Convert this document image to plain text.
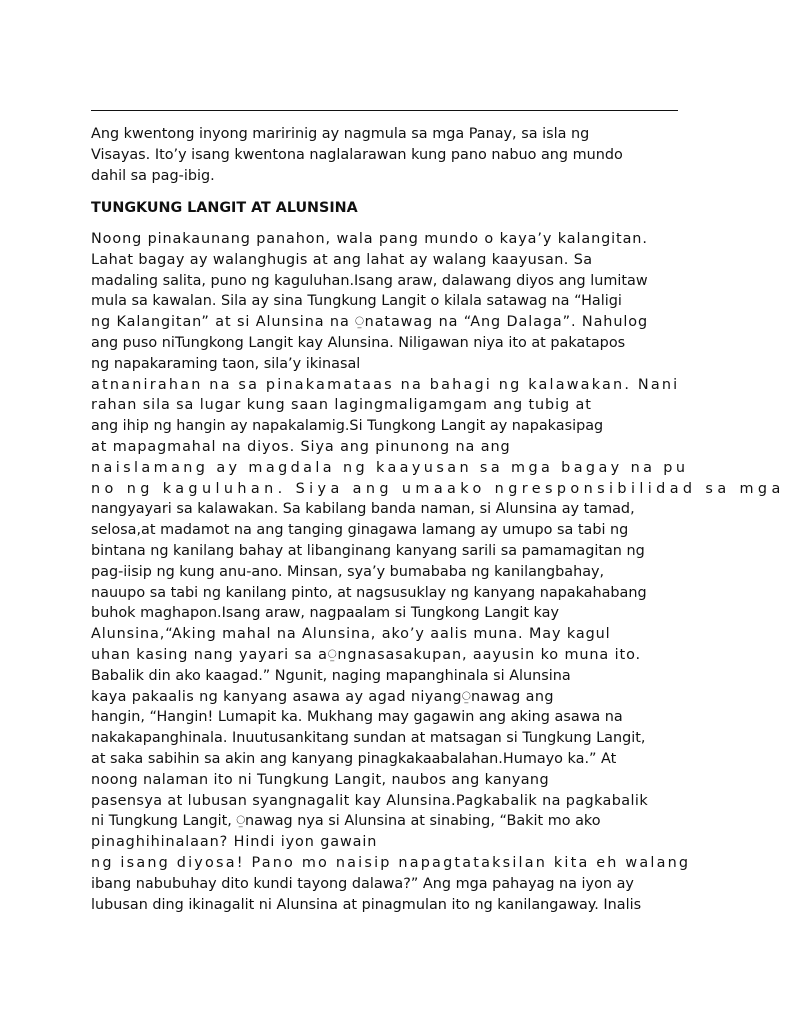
Ang kwentong inyong maririnig ay nagmula sa mga Panay, sa isla ng
Visayas. Ito’y isang kwentona naglalarawan kung pano nabuo ang mundo
dahil sa pag-ibig.
TUNGKUNG LANGIT AT ALUNSINA
Noong pinakaunang panahon, wala pang mundo o kaya’y kalangitan.
Lahat bagay ay walanghugis at ang lahat ay walang kaayusan. Sa
madaling salita, puno ng kaguluhan.Isang araw, dalawang diyos ang lumitaw
mula sa kawalan. Sila ay sina Tungkung Langit o kilala satawag na “Haligi
ng Kalangitan” at si Alunsina na ⍜natawag na “Ang Dalaga”. Nahulog
ang puso niTungkong Langit kay Alunsina. Niligawan niya ito at pakatapos
ng napakaraming taon, sila’y ikinasal
atnanirahan na sa pinakamataas na bahagi ng kalawakan. Nani
rahan sila sa lugar kung saan lagingmaligamgam ang tubig at
ang ihip ng hangin ay napakalamig.Si Tungkong Langit ay napakasipag
at mapagmahal na diyos. Siya ang pinunong na ang
naislamang ay magdala ng kaayusan sa mga bagay na pu
no ng kaguluhan. Siya ang umaako ngresponsibilidad sa mga
nangyayari sa kalawakan. Sa kabilang banda naman, si Alunsina ay tamad,
selosa,at madamot na ang tanging ginagawa lamang ay umupo sa tabi ng
bintana ng kanilang bahay at libanginang kanyang sarili sa pamamagitan ng
pag-iisip ng kung anu-ano. Minsan, sya’y bumababa ng kanilangbahay,
nauupo sa tabi ng kanilang pinto, at nagsusuklay ng kanyang napakahabang
buhok maghapon.Isang araw, nagpaalam si Tungkong Langit kay
Alunsina,“Aking mahal na Alunsina, ako’y aalis muna. May kagul
uhan kasing nang yayari sa a⍜ngnasasakupan, aayusin ko muna ito.
Babalik din ako kaagad.” Ngunit, naging mapanghinala si Alunsina
kaya pakaalis ng kanyang asawa ay agad niyang⍜nawag ang
hangin, “Hangin! Lumapit ka. Mukhang may gagawin ang aking asawa na
nakakapanghinala. Inuutusankitang sundan at matsagan si Tungkung Langit,
at saka sabihin sa akin ang kanyang pinagkakaabalahan.Humayo ka.” At
noong nalaman ito ni Tungkung Langit, naubos ang kanyang
pasensya at lubusan syangnagalit kay Alunsina.Pagkabalik na pagkabalik
ni Tungkung Langit, ⍜nawag nya si Alunsina at sinabing, “Bakit mo ako
pinaghihinalaan? Hindi iyon gawain
ng isang diyosa! Pano mo naisip napagtataksilan kita eh walang
ibang nabubuhay dito kundi tayong dalawa?” Ang mga pahayag na iyon ay
lubusan ding ikinagalit ni Alunsina at pinagmulan ito ng kanilangaway. Inalis
